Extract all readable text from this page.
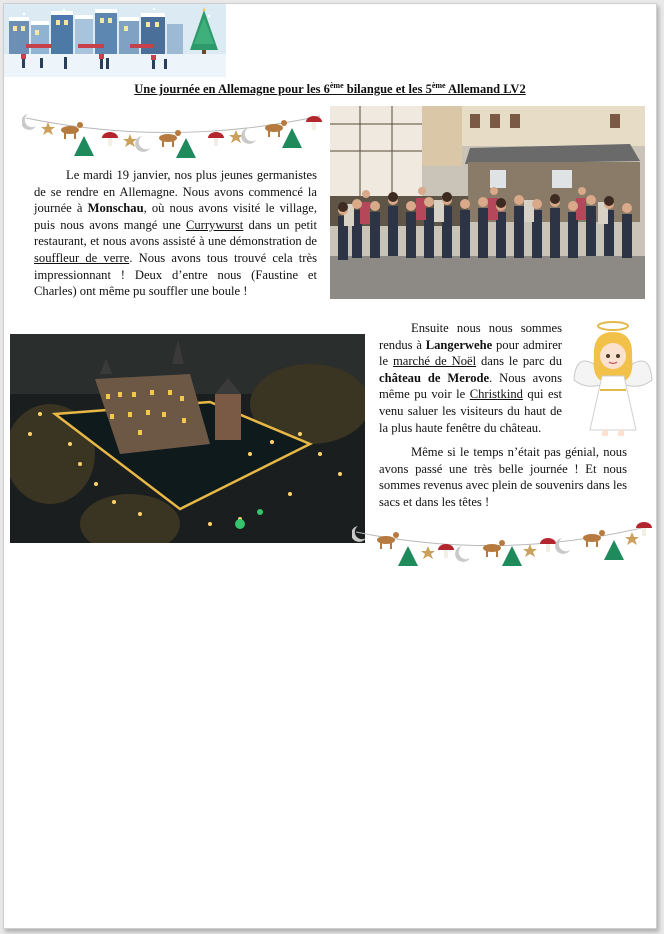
Une journée en Allemagne pour les 6ème bilangue et les 5ème Allemand LV2
Le mardi 19 janvier, nos plus jeunes germanistes de se rendre en Allemagne. Nous avons commencé la journée à Monschau, où nous avons visité le village, puis nous avons mangé une Currywurst dans un petit restaurant, et nous avons assisté à une démonstration de souffleur de verre. Nous avons tous trouvé cela très impressionnant ! Deux d’entre nous (Faustine et Charles) ont même pu souffler une boule !
Ensuite nous nous sommes rendus à Langerwehe pour admirer le marché de Noël dans le parc du château de Merode. Nous avons même pu voir le Christkind qui est venu saluer les visiteurs du haut de la plus haute fenêtre du château.
Même si le temps n’était pas génial, nous avons passé une très belle journée ! Et nous sommes revenus avec plein de souvenirs dans les sacs et dans les têtes !
